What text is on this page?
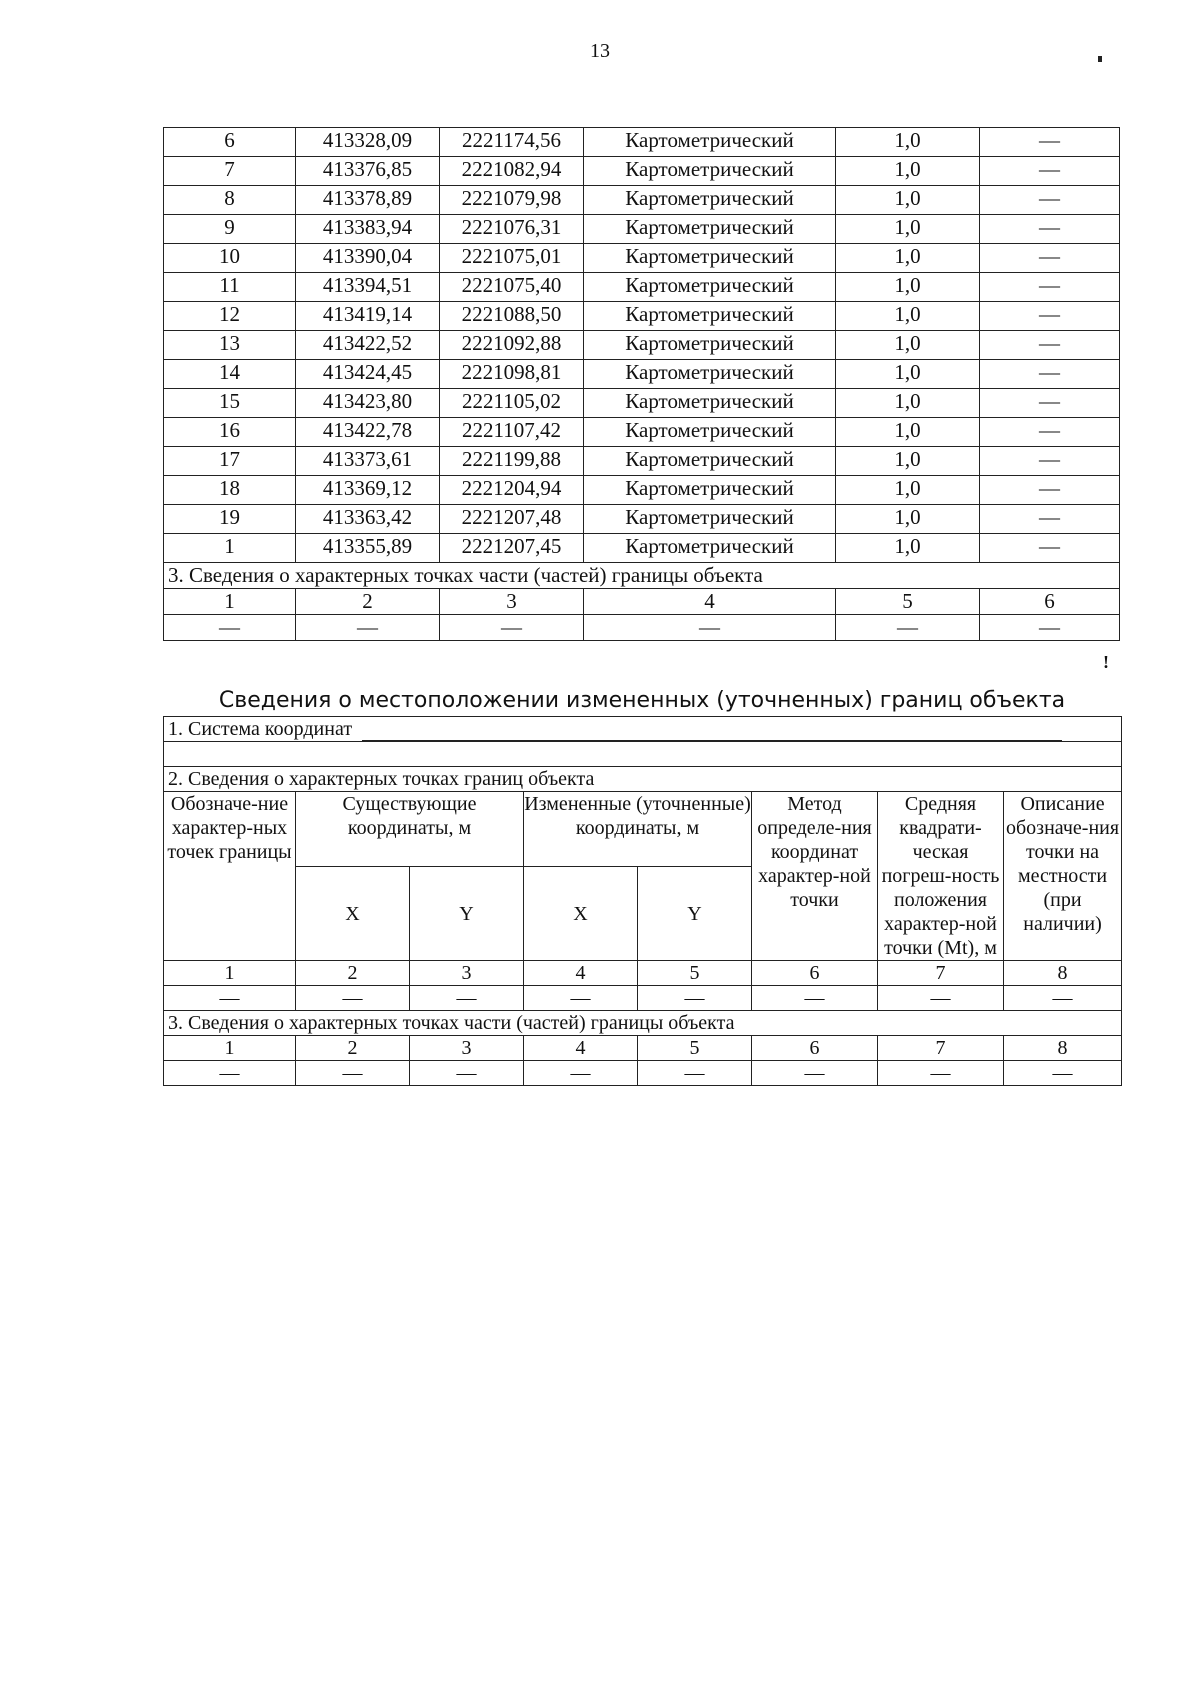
13
6	413328,09	2221174,56	Картометрический	1,0	—
7	413376,85	2221082,94	Картометрический	1,0	—
8	413378,89	2221079,98	Картометрический	1,0	—
9	413383,94	2221076,31	Картометрический	1,0	—
10	413390,04	2221075,01	Картометрический	1,0	—
11	413394,51	2221075,40	Картометрический	1,0	—
12	413419,14	2221088,50	Картометрический	1,0	—
13	413422,52	2221092,88	Картометрический	1,0	—
14	413424,45	2221098,81	Картометрический	1,0	—
15	413423,80	2221105,02	Картометрический	1,0	—
16	413422,78	2221107,42	Картометрический	1,0	—
17	413373,61	2221199,88	Картометрический	1,0	—
18	413369,12	2221204,94	Картометрический	1,0	—
19	413363,42	2221207,48	Картометрический	1,0	—
1	413355,89	2221207,45	Картометрический	1,0	—
3. Сведения о характерных точках части (частей) границы объекта					
1	2	3	4	5	6
—	—	—	—	—	—
!
Сведения о местоположении измененных (уточненных) границ объекта
1. Система координат							

2. Сведения о характерных точках границ объекта							
Обозначе-ние характер-ных точек границы	Существующие координаты, м		Измененные (уточненные) координаты, м		Метод определе-ния координат характер-ной точки	Средняя квадрати-ческая погреш-ность положения характер-ной точки (Mt), м	Описание обозначе-ния точки на местности (при наличии)
	X	Y	X	Y			
1	2	3	4	5	6	7	8
—	—	—	—	—	—	—	—
3. Сведения о характерных точках части (частей) границы объекта							
1	2	3	4	5	6	7	8
—	—	—	—	—	—	—	—
